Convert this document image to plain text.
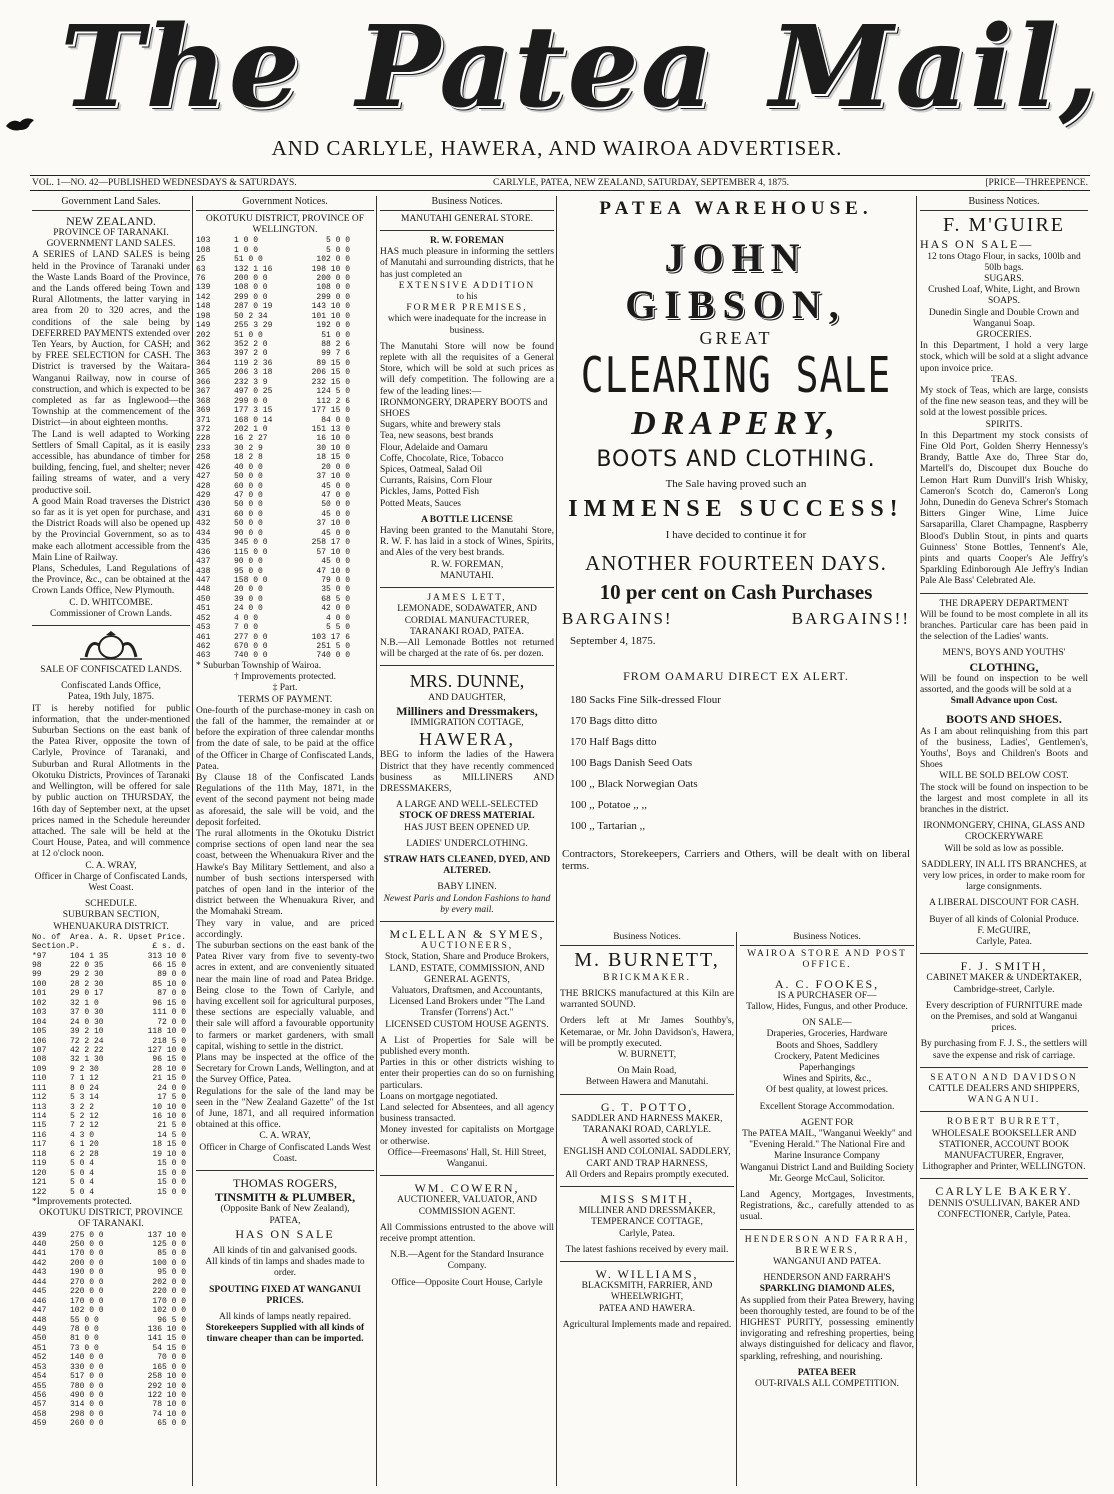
The Patea Mail,
AND CARLYLE, HAWERA, AND WAIROA ADVERTISER.
VOL. 1—NO. 42—PUBLISHED WEDNESDAYS & SATURDAYS.	CARLYLE, PATEA, NEW ZEALAND, SATURDAY, SEPTEMBER 4, 1875.	[PRICE—THREEPENCE.
Government Land Sales.
NEW ZEALAND.
PROVINCE OF TARANAKI.
GOVERNMENT LAND SALES.
A SERIES of LAND SALES is being held in the Province of Taranaki under the Waste Lands Board of the Province, and the Lands offered being Town and Rural Allotments, the latter varying in area from 20 to 320 acres, and the conditions of the sale being by DEFERRED PAYMENTS extended over Ten Years, by Auction, for CASH; and by FREE SELECTION for CASH. The District is traversed by the Waitara-Wanganui Railway, now in course of construction, and which is expected to be completed as far as Inglewood—the Township at the commencement of the District—in about eighteen months.
The Land is well adapted to Working Settlers of Small Capital, as it is easily accessible, has abundance of timber for building, fencing, fuel, and shelter; never failing streams of water, and a very productive soil.
A good Main Road traverses the District so far as it is yet open for purchase, and the District Roads will also be opened up by the Provincial Government, so as to make each allotment accessible from the Main Line of Railway.
Plans, Schedules, Land Regulations of the Province, &c., can be obtained at the Crown Lands Office, New Plymouth.
C. D. WHITCOMBE.
Commissioner of Crown Lands.
SALE OF CONFISCATED LANDS.
Confiscated Lands Office,
Patea, 19th July, 1875.
IT is hereby notified for public information, that the under-mentioned Suburban Sections on the east bank of the Patea River, opposite the town of Carlyle, Province of Taranaki, and Suburban and Rural Allotments in the Okotuku Districts, Provinces of Taranaki and Wellington, will be offered for sale by public auction on THURSDAY, the 16th day of September next, at the upset prices named in the Schedule hereunder attached. The sale will be held at the Court House, Patea, and will commence at 12 o'clock noon.
C. A. WRAY,
Officer in Charge of Confiscated Lands, West Coast.
SCHEDULE.
SUBURBAN SECTION, WHENUAKURA DISTRICT.
No. of Section.
Area. A. R. P.
Upset Price. £ s. d.
*97	104 1 35	313 10 0
98	22 0 35	66 15 0
99	29 2 30	89 0 0
100	28 2 30	85 10 0
101	29 0 17	87 0 0
102	32 1 0	96 15 0
103	37 0 30	111 0 0
104	24 0 30	72 0 0
105	39 2 10	118 10 0
106	72 2 24	218 5 0
107	42 2 22	127 10 0
108	32 1 30	96 15 0
109	9 2 30	28 10 0
110	7 1 12	21 15 0
111	8 0 24	24 0 0
112	5 3 14	17 5 0
113	3 2 2	10 10 0
114	5 2 12	16 10 0
115	7 2 12	21 5 0
116	4 3 0	14 5 0
117	6 1 20	18 15 0
118	6 2 28	19 10 0
119	5 0 4	15 0 0
120	5 0 4	15 0 0
121	5 0 4	15 0 0
122	5 0 4	15 0 0
*Improvements protected.
OKOTUKU DISTRICT, PROVINCE OF TARANAKI.
439	275 0 0	137 10 0
440	250 0 0	125 0 0
441	170 0 0	85 0 0
442	200 0 0	100 0 0
443	190 0 0	95 0 0
444	270 0 0	202 0 0
445	220 0 0	220 0 0
446	170 0 0	170 0 0
447	102 0 0	102 0 0
448	55 0 0	96 5 0
449	78 0 0	136 10 0
450	81 0 0	141 15 0
451	73 0 0	54 15 0
452	140 0 0	70 0 0
453	330 0 0	165 0 0
454	517 0 0	258 10 0
455	780 0 0	292 10 0
456	490 0 0	122 10 0
457	314 0 0	78 10 0
458	298 0 0	74 10 0
459	260 0 0	65 0 0
Government Notices.
OKOTUKU DISTRICT, PROVINCE OF WELLINGTON.
103	1 0 0	5 0 0
108	1 0 0	5 0 0
25	51 0 0	102 0 0
63	132 1 16	198 10 0
76	200 0 0	200 0 0
139	108 0 0	108 0 0
142	299 0 0	299 0 0
148	287 0 19	143 10 0
198	50 2 34	101 10 0
149	255 3 29	192 0 0
202	51 0 0	51 0 0
362	352 2 0	88 2 6
363	397 2 0	99 7 6
364	119 2 36	89 15 0
365	206 3 18	206 15 0
366	232 3 9	232 15 0
367	497 0 25	124 5 0
368	299 0 0	112 2 6
369	177 3 15	177 15 0
371	168 0 14	84 0 0
372	202 1 0	151 13 0
228	16 2 27	16 10 0
233	30 2 9	30 10 0
258	18 2 8	18 15 0
426	40 0 0	20 0 0
427	50 0 0	37 10 0
428	60 0 0	45 0 0
429	47 0 0	47 0 0
430	50 0 0	50 0 0
431	60 0 0	45 0 0
432	50 0 0	37 10 0
434	90 0 0	45 0 0
435	345 0 0	258 17 0
436	115 0 0	57 10 0
437	90 0 0	45 0 0
438	95 0 0	47 10 0
447	158 0 0	79 0 0
448	20 0 0	35 0 0
450	39 0 0	68 5 0
451	24 0 0	42 0 0
452	4 0 0	4 0 0
453	7 0 0	5 5 0
461	277 0 0	103 17 6
462	670 0 0	251 5 0
463	740 0 0	740 0 0
* Suburban Township of Wairoa.
† Improvements protected.
‡ Part.
TERMS OF PAYMENT.
One-fourth of the purchase-money in cash on the fall of the hammer, the remainder at or before the expiration of three calendar months from the date of sale, to be paid at the office of the Officer in Charge of Confiscated Lands, Patea.
By Clause 18 of the Confiscated Lands Regulations of the 11th May, 1871, in the event of the second payment not being made as aforesaid, the sale will be void, and the deposit forfeited.
The rural allotments in the Okotuku District comprise sections of open land near the sea coast, between the Whenuakura River and the Hawke's Bay Military Settlement, and also a number of bush sections interspersed with patches of open land in the interior of the district between the Whenuakura River, and the Momahaki Stream.
They vary in value, and are priced accordingly.
The suburban sections on the east bank of the Patea River vary from five to seventy-two acres in extent, and are conveniently situated near the main line of road and Patea Bridge. Being close to the Town of Carlyle, and having excellent soil for agricultural purposes, these sections are especially valuable, and their sale will afford a favourable opportunity to farmers or market gardeners, with small capital, wishing to settle in the district.
Plans may be inspected at the office of the Secretary for Crown Lands, Wellington, and at the Survey Office, Patea.
Regulations for the sale of the land may be seen in the "New Zealand Gazette" of the 1st of June, 1871, and all required information obtained at this office.
C. A. WRAY,
Officer in Charge of Confiscated Lands West Coast.
THOMAS ROGERS,
TINSMITH & PLUMBER,
(Opposite Bank of New Zealand),
PATEA,
HAS ON SALE
All kinds of tin and galvanised goods.
All kinds of tin lamps and shades made to order.
SPOUTING FIXED AT WANGANUI PRICES.
All kinds of lamps neatly repaired.
Storekeepers Supplied with all kinds of tinware cheaper than can be imported.
Business Notices.
MANUTAHI GENERAL STORE.
R. W. FOREMAN
HAS much pleasure in informing the settlers of Manutahi and surrounding districts, that he has just completed an
EXTENSIVE ADDITION
to his
FORMER PREMISES,
which were inadequate for the increase in business.
The Manutahi Store will now be found replete with all the requisites of a General Store, which will be sold at such prices as will defy competition. The following are a few of the leading lines:—
IRONMONGERY, DRAPERY BOOTS and SHOES
Sugars, white and brewery stals
Tea, new seasons, best brands
Flour, Adelaide and Oamaru
Coffe, Chocolate, Rice, Tobacco
Spices, Oatmeal, Salad Oil
Currants, Raisins, Corn Flour
Pickles, Jams, Potted Fish
Potted Meats, Sauces
A BOTTLE LICENSE
Having been granted to the Manutahi Store, R. W. F. has laid in a stock of Wines, Spirits, and Ales of the very best brands.
R. W. FOREMAN,
MANUTAHI.
JAMES LETT,
LEMONADE, SODAWATER, AND CORDIAL MANUFACTURER,
TARANAKI ROAD, PATEA.
N.B.—All Lemonade Bottles not returned will be charged at the rate of 6s. per dozen.
MRS. DUNNE,
AND DAUGHTER,
Milliners and Dressmakers,
IMMIGRATION COTTAGE,
HAWERA,
BEG to inform the ladies of the Hawera District that they have recently commenced business as MILLINERS AND DRESSMAKERS,
A LARGE AND WELL-SELECTED
STOCK OF DRESS MATERIAL
HAS JUST BEEN OPENED UP.
LADIES' UNDERCLOTHING.
STRAW HATS CLEANED, DYED, AND ALTERED.
BABY LINEN.
Newest Paris and London Fashions to hand by every mail.
McLELLAN & SYMES,
AUCTIONEERS,
Stock, Station, Share and Produce Brokers,
LAND, ESTATE, COMMISSION, AND GENERAL AGENTS,
Valuators, Draftsmen, and Accountants, Licensed Land Brokers under "The Land Transfer (Torrens') Act."
LICENSED CUSTOM HOUSE AGENTS.
A List of Properties for Sale will be published every month.
Parties in this or other districts wishing to enter their properties can do so on furnishing particulars.
Loans on mortgage negotiated.
Land selected for Absentees, and all agency business transacted.
Money invested for capitalists on Mortgage or otherwise.
Office—Freemasons' Hall, St. Hill Street, Wanganui.
WM. COWERN,
AUCTIONEER, VALUATOR, AND COMMISSION AGENT.
All Commissions entrusted to the above will receive prompt attention.
N.B.—Agent for the Standard Insurance Company.
Office—Opposite Court House, Carlyle
PATEA WAREHOUSE.
JOHN GIBSON,
GREAT
CLEARING SALE
DRAPERY,
BOOTS AND CLOTHING.
The Sale having proved such an
IMMENSE SUCCESS!
I have decided to continue it for
ANOTHER FOURTEEN DAYS.
10 per cent on Cash Purchases
BARGAINS!	BARGAINS!!
September 4, 1875.
FROM OAMARU DIRECT EX ALERT.
180 Sacks Fine Silk-dressed Flour
170 Bags ditto ditto
170 Half Bags ditto
100 Bags Danish Seed Oats
100 ,, Black Norwegian Oats
100 ,, Potatoe ,, ,,
100 ,, Tartarian ,,
Contractors, Storekeepers, Carriers and Others, will be dealt with on liberal terms.
Business Notices.
M. BURNETT,
BRICKMAKER.
THE BRICKS manufactured at this Kiln are warranted SOUND.
Orders left at Mr James Southby's, Ketemarae, or Mr. John Davidson's, Hawera, will be promptly executed.
W. BURNETT,
On Main Road,
Between Hawera and Manutahi.
G. T. POTTO,
SADDLER AND HARNESS MAKER,
TARANAKI ROAD, CARLYLE.
A well assorted stock of
ENGLISH AND COLONIAL SADDLERY, CART AND TRAP HARNESS,
All Orders and Repairs promptly executed.
MISS SMITH,
MILLINER AND DRESSMAKER,
TEMPERANCE COTTAGE,
Carlyle, Patea.
The latest fashions received by every mail.
W. WILLIAMS,
BLACKSMITH, FARRIER, AND WHEELWRIGHT,
PATEA AND HAWERA.
Agricultural Implements made and repaired.
Business Notices.
WAIROA STORE AND POST OFFICE.
A. C. FOOKES,
IS A PURCHASER OF—
Tallow, Hides, Fungus, and other Produce.
ON SALE—
Draperies, Groceries, Hardware
Boots and Shoes, Saddlery
Crockery, Patent Medicines
Paperhangings
Wines and Spirits, &c.,
Of best quality, at lowest prices.
Excellent Storage Accommodation.
AGENT FOR
The PATEA MAIL, "Wanganui Weekly" and "Evening Herald." The National Fire and Marine Insurance Company
Wanganui District Land and Building Society
Mr. George McCaul, Solicitor.
Land Agency, Mortgages, Investments, Registrations, &c., carefully attended to as usual.
HENDERSON AND FARRAH,
BREWERS,
WANGANUI AND PATEA.
HENDERSON AND FARRAH'S
SPARKLING DIAMOND ALES,
As supplied from their Patea Brewery, having been thoroughly tested, are found to be of the HIGHEST PURITY, possessing eminently invigorating and refreshing properties, being always distinguished for delicacy and flavor, sparkling, refreshing, and nourishing.
PATEA BEER
OUT-RIVALS ALL COMPETITION.
Business Notices.
F. M'GUIRE
HAS ON SALE—
12 tons Otago Flour, in sacks, 100lb and 50lb bags.
SUGARS.
Crushed Loaf, White, Light, and Brown
SOAPS.
Dunedin Single and Double Crown and Wanganui Soap.
GROCERIES.
In this Department, I hold a very large stock, which will be sold at a slight advance upon invoice price.
TEAS.
My stock of Teas, which are large, consists of the fine new season teas, and they will be sold at the lowest possible prices.
SPIRITS.
In this Department my stock consists of Fine Old Port, Golden Sherry Hennessy's Brandy, Battle Axe do, Three Star do, Martell's do, Discoupet dux Bouche do Lemon Hart Rum Dunvill's Irish Whisky, Cameron's Scotch do, Cameron's Long John, Dunedin do Geneva Schrer's Stomach Bitters Ginger Wine, Lime Juice Sarsaparilla, Claret Champagne, Raspberry Blood's Dublin Stout, in pints and quarts Guinness' Stone Bottles, Tennent's Ale, pints and quarts Cooper's Ale Jeffry's Sparkling Edinborough Ale Jeffry's Indian Pale Ale Bass' Celebrated Ale.
THE DRAPERY DEPARTMENT
Will be found to be most complete in all its branches. Particular care has been paid in the selection of the Ladies' wants.
MEN'S, BOYS AND YOUTHS'
CLOTHING,
Will be found on inspection to be well assorted, and the goods will be sold at a
Small Advance upon Cost.
BOOTS AND SHOES.
As I am about relinquishing from this part of the business, Ladies', Gentlemen's, Youths', Boys and Children's Boots and Shoes
WILL BE SOLD BELOW COST.
The stock will be found on inspection to be the largest and most complete in all its branches in the district.
IRONMONGERY, CHINA, GLASS AND CROCKERYWARE
Will be sold as low as possible.
SADDLERY, IN ALL ITS BRANCHES, at very low prices, in order to make room for large consignments.
A LIBERAL DISCOUNT FOR CASH.
Buyer of all kinds of Colonial Produce.
F. McGUIRE,
Carlyle, Patea.
F. J. SMITH,
CABINET MAKER & UNDERTAKER, Cambridge-street, Carlyle.
Every description of FURNITURE made on the Premises, and sold at Wanganui prices.
By purchasing from F. J. S., the settlers will save the expense and risk of carriage.
SEATON AND DAVIDSON
CATTLE DEALERS AND SHIPPERS,
WANGANUI.
ROBERT BURRETT,
WHOLESALE BOOKSELLER AND STATIONER, ACCOUNT BOOK MANUFACTURER, Engraver, Lithographer and Printer, WELLINGTON.
CARLYLE BAKERY.
DENNIS O'SULLIVAN, BAKER AND CONFECTIONER, Carlyle, Patea.
